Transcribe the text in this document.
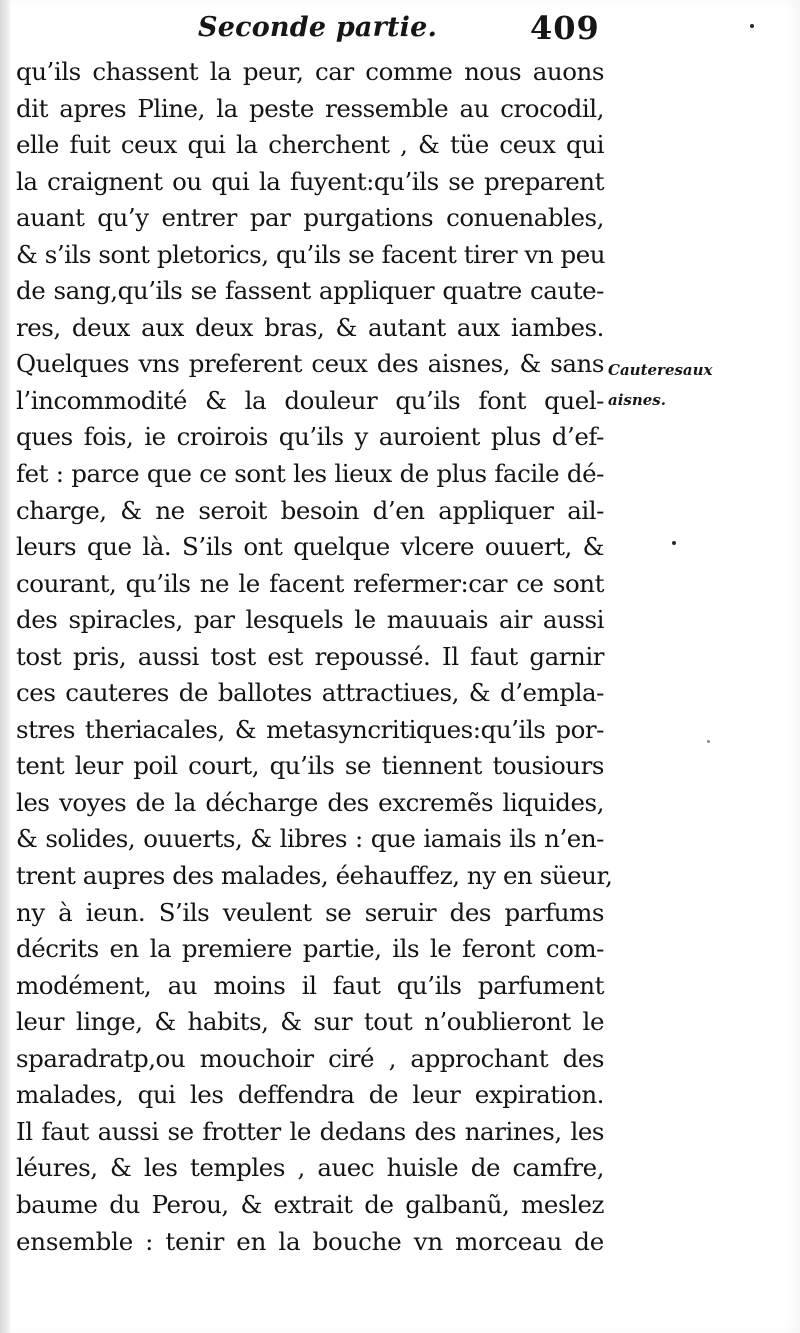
Seconde partie.	409
qu’ils chassent la peur, car comme nous auons
dit apres Pline, la peste ressemble au crocodil,
elle fuit ceux qui la cherchent , & tüe ceux qui
la craignent ou qui la fuyent:qu’ils se preparent
auant qu’y entrer par purgations conuenables,
& s’ils sont pletorics, qu’ils se facent tirer vn peu
de sang,qu’ils se fassent appliquer quatre caute-
res, deux aux deux bras, & autant aux iambes.
Quelques vns preferent ceux des aisnes, & sans
l’incommodité & la douleur qu’ils font quel-
ques fois, ie croirois qu’ils y auroient plus d’ef-
fet : parce que ce sont les lieux de plus facile dé-
charge, & ne seroit besoin d’en appliquer ail-
leurs que là. S’ils ont quelque vlcere ouuert, &
courant, qu’ils ne le facent refermer:car ce sont
des spiracles, par lesquels le mauuais air aussi
tost pris, aussi tost est repoussé. Il faut garnir
ces cauteres de ballotes attractiues, & d’empla-
stres theriacales, & metasyncritiques:qu’ils por-
tent leur poil court, qu’ils se tiennent tousiours
les voyes de la décharge des excremẽs liquides,
& solides, ouuerts, & libres : que iamais ils n’en-
trent aupres des malades, éehauffez, ny en süeur,
ny à ieun. S’ils veulent se seruir des parfums
décrits en la premiere partie, ils le feront com-
modément, au moins il faut qu’ils parfument
leur linge, & habits, & sur tout n’oublieront le
sparadratp,ou mouchoir ciré , approchant des
malades, qui les deffendra de leur expiration.
Il faut aussi se frotter le dedans des narines, les
léures, & les temples , auec huisle de camfre,
baume du Perou, & extrait de galbanũ, meslez
ensemble : tenir en la bouche vn morceau de
Cauteresaux
aisnes.
